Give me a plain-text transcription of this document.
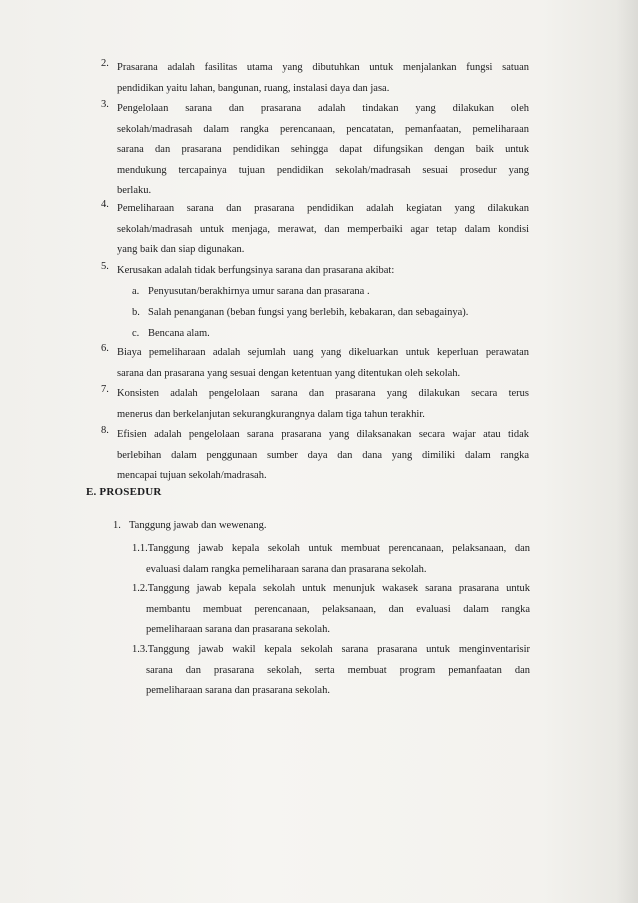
2. Prasarana adalah fasilitas utama yang dibutuhkan untuk menjalankan fungsi satuan
pendidikan yaitu lahan, bangunan, ruang, instalasi daya dan jasa.
3. Pengelolaan sarana dan prasarana adalah tindakan yang dilakukan oleh
sekolah/madrasah dalam rangka perencanaan, pencatatan, pemanfaatan, pemeliharaan
sarana dan prasarana pendidikan sehingga dapat difungsikan dengan baik untuk
mendukung tercapainya tujuan pendidikan sekolah/madrasah sesuai prosedur yang
berlaku.
4. Pemeliharaan sarana dan prasarana pendidikan adalah kegiatan yang dilakukan
sekolah/madrasah untuk menjaga, merawat, dan memperbaiki agar tetap dalam kondisi
yang baik dan siap digunakan.
5. Kerusakan adalah tidak berfungsinya sarana dan prasarana akibat:
a. Penyusutan/berakhirnya umur sarana dan prasarana .
b. Salah penanganan (beban fungsi yang berlebih, kebakaran, dan sebagainya).
c. Bencana alam.
6. Biaya pemeliharaan adalah sejumlah uang yang dikeluarkan untuk keperluan perawatan
sarana dan prasarana yang sesuai dengan ketentuan yang ditentukan oleh sekolah.
7. Konsisten adalah pengelolaan sarana dan prasarana yang dilakukan secara terus
menerus dan berkelanjutan sekurangkurangnya dalam tiga tahun terakhir.
8. Efisien adalah pengelolaan sarana prasarana yang dilaksanakan secara wajar atau tidak
berlebihan dalam penggunaan sumber daya dan dana yang dimiliki dalam rangka
mencapai tujuan sekolah/madrasah.
E. PROSEDUR
1. Tanggung jawab dan wewenang.
1.1.Tanggung jawab kepala sekolah untuk membuat perencanaan, pelaksanaan, dan
evaluasi dalam rangka pemeliharaan sarana dan prasarana sekolah.
1.2.Tanggung jawab kepala sekolah untuk menunjuk wakasek sarana prasarana untuk
membantu membuat perencanaan, pelaksanaan, dan evaluasi dalam rangka
pemeliharaan sarana dan prasarana sekolah.
1.3.Tanggung jawab wakil kepala sekolah sarana prasarana untuk menginventarisir
sarana dan prasarana sekolah, serta membuat program pemanfaatan dan
pemeliharaan sarana dan prasarana sekolah.
